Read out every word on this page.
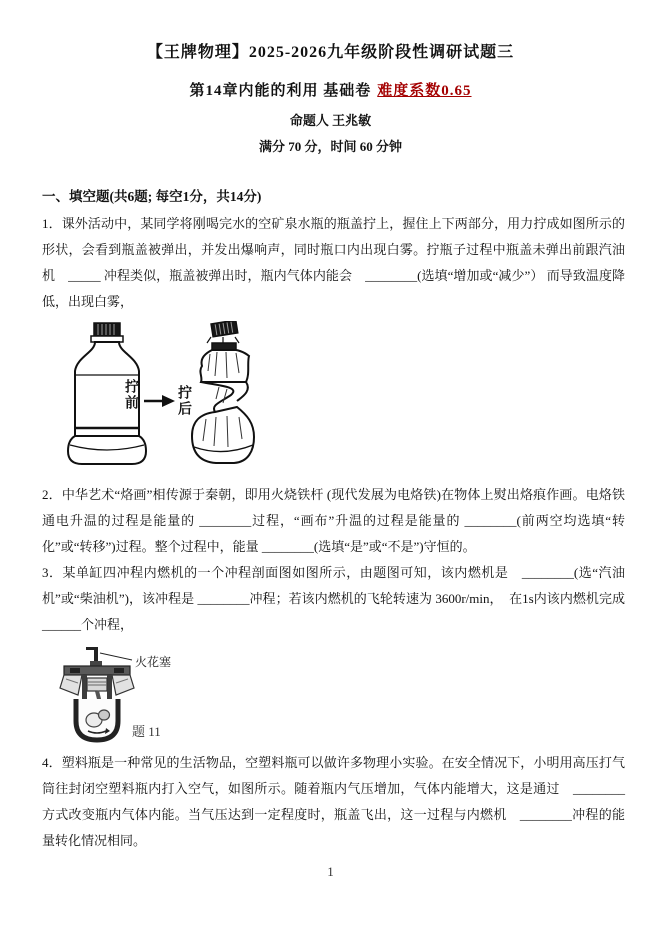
【王牌物理】2025-2026九年级阶段性调研试题三
第14章内能的利用 基础卷 难度系数0.65
命题人 王兆敏
满分 70 分，时间 60 分钟
一、填空题(共6题; 每空1分，共14分)

1．课外活动中，某同学将刚喝完水的空矿泉水瓶的瓶盖拧上，握住上下两部分，用力拧成如图所示的形状，会看到瓶盖被弹出，并发出爆响声，同时瓶口内出现白雾。拧瓶子过程中瓶盖未弹出前跟汽油机　_____ 冲程类似，瓶盖被弹出时，瓶内气体内能会　________(选填“增加或“减少”） 而导致温度降低，出现白雾，

拧前	拧后

2．中华艺术“烙画”相传源于秦朝，即用火烧铁杆 (现代发展为电烙铁)在物体上熨出烙痕作画。电烙铁通电升温的过程是能量的 ________过程，“画布”升温的过程是能量的 ________(前两空均选填“转化”或“转移”)过程。整个过程中，能量 ________(选填“是”或“不是”)守恒的。

3．某单缸四冲程内燃机的一个冲程剖面图如图所示，由题图可知，该内燃机是　________(选“汽油机”或“柴油机”)，该冲程是 ________冲程；若该内燃机的飞轮转速为 3600r/min，　在1s内该内燃机完成 ______个冲程，

火花塞
题 11

4．塑料瓶是一种常见的生活物品，空塑料瓶可以做许多物理小实验。在安全情况下，小明用高压打气筒往封闭空塑料瓶内打入空气，如图所示。随着瓶内气压增加，气体内能增大，这是通过　________方式改变瓶内气体内能。当气压达到一定程度时，瓶盖飞出，这一过程与内燃机　________冲程的能量转化情况相同。

1
